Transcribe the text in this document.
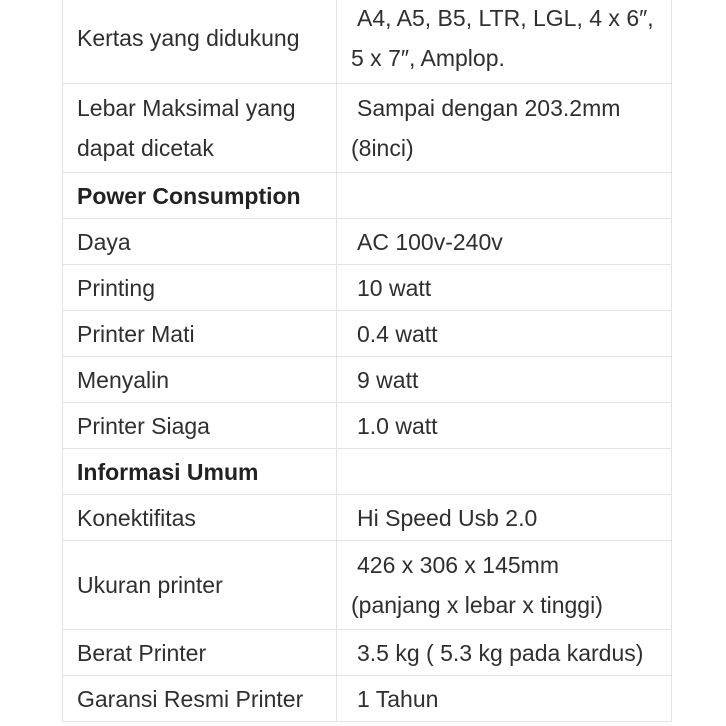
Kertas yang didukung	A4, A5, B5, LTR, LGL, 4 x 6″,
5 x 7″, Amplop.

Lebar Maksimal yang
dapat dicetak	Sampai dengan 203.2mm
(8inci)

Power Consumption	
Daya	AC 100v-240v

Printing	10 watt

Printer Mati	0.4 watt

Menyalin	9 watt

Printer Siaga	1.0 watt

Informasi Umum	
Konektifitas	Hi Speed Usb 2.0

Ukuran printer	426 x 306 x 145mm
(panjang x lebar x tinggi)

Berat Printer	3.5 kg ( 5.3 kg pada kardus)

Garansi Resmi Printer	1 Tahun
